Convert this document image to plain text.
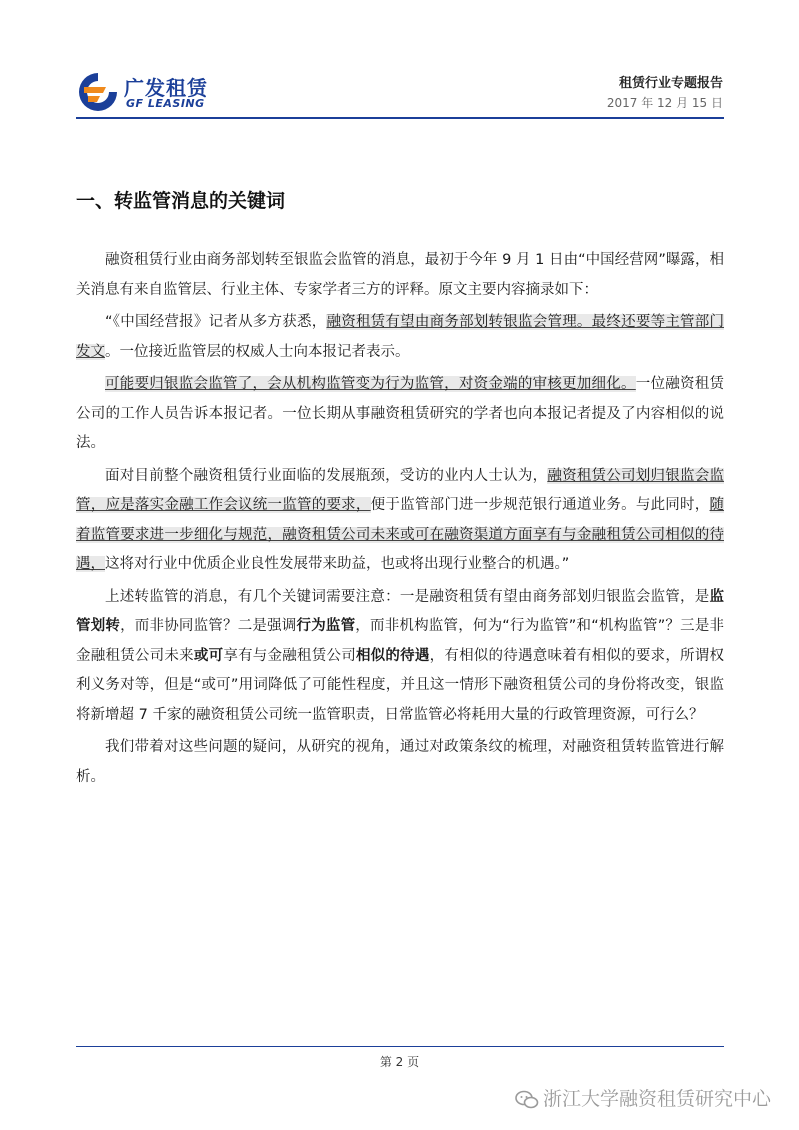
广发租赁
GF LEASING
租赁行业专题报告
2017 年 12 月 15 日
一、转监管消息的关键词

融资租赁行业由商务部划转至银监会监管的消息，最初于今年 9 月 1 日由“中国经营网”曝露，相关消息有来自监管层、行业主体、专家学者三方的评释。原文主要内容摘录如下：

“《中国经营报》记者从多方获悉，融资租赁有望由商务部划转银监会管理。最终还要等主管部门发文。一位接近监管层的权威人士向本报记者表示。

可能要归银监会监管了，会从机构监管变为行为监管，对资金端的审核更加细化。一位融资租赁公司的工作人员告诉本报记者。一位长期从事融资租赁研究的学者也向本报记者提及了内容相似的说法。

面对目前整个融资租赁行业面临的发展瓶颈，受访的业内人士认为，融资租赁公司划归银监会监管，应是落实金融工作会议统一监管的要求，便于监管部门进一步规范银行通道业务。与此同时，随着监管要求进一步细化与规范，融资租赁公司未来或可在融资渠道方面享有与金融租赁公司相似的待遇，这将对行业中优质企业良性发展带来助益，也或将出现行业整合的机遇。”

上述转监管的消息，有几个关键词需要注意：一是融资租赁有望由商务部划归银监会监管，是监管划转，而非协同监管？二是强调行为监管，而非机构监管，何为“行为监管”和“机构监管”？三是非金融租赁公司未来或可享有与金融租赁公司相似的待遇，有相似的待遇意味着有相似的要求，所谓权利义务对等，但是“或可”用词降低了可能性程度，并且这一情形下融资租赁公司的身份将改变，银监将新增超 7 千家的融资租赁公司统一监管职责，日常监管必将耗用大量的行政管理资源，可行么？

我们带着对这些问题的疑问，从研究的视角，通过对政策条纹的梳理，对融资租赁转监管进行解析。

第 2 页
浙江大学融资租赁研究中心
